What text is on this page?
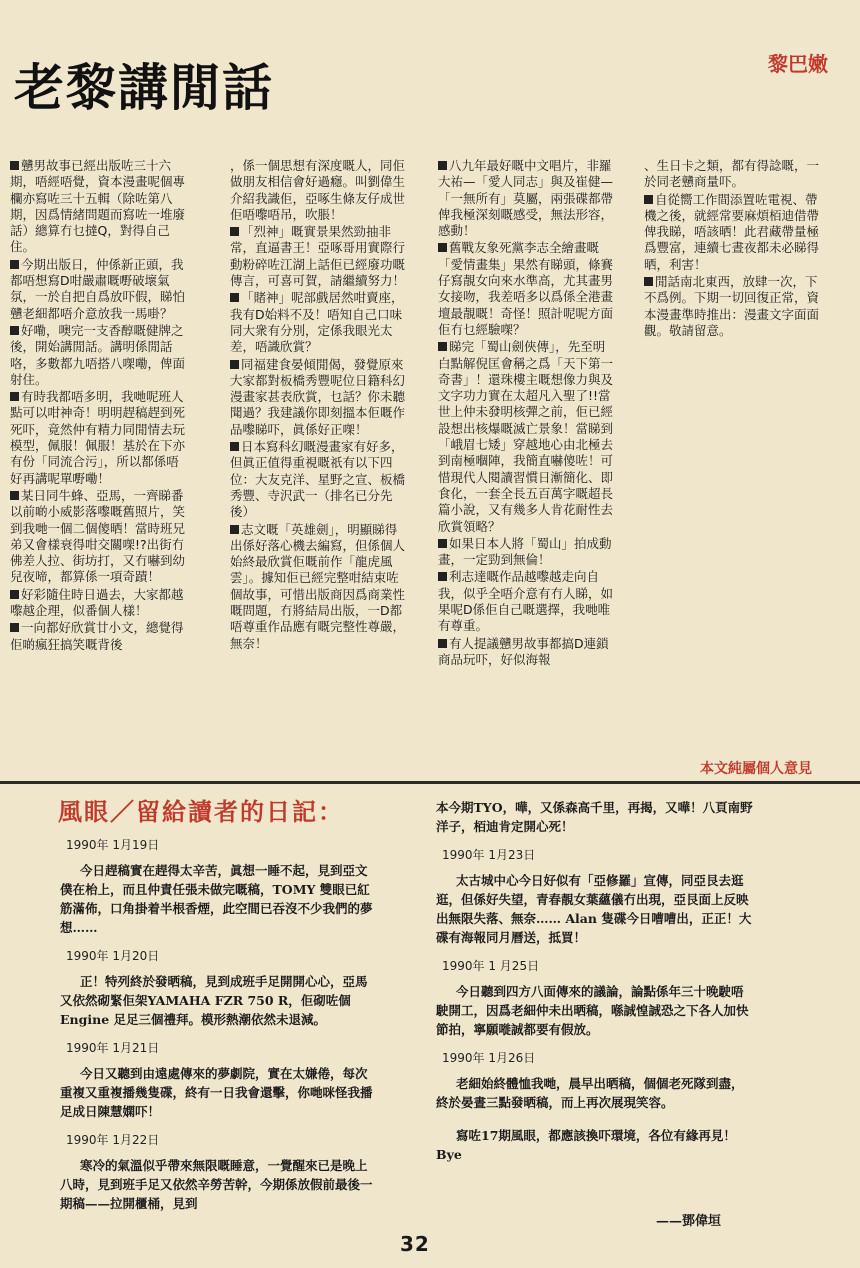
老黎講閒話	黎巴嫩

戇男故事已經出版咗三十六期，唔經唔覺，資本漫畫呢個專欄亦寫咗三十五輯（除咗第八期，因爲情緒問題而寫咗一堆廢話）總算冇乜撻Q，對得自己住。

今期出版日，仲係新正頭，我都唔想寫D咁嚴肅嘅嘢破壞氣氛，一於自把自爲放吓假，睇怕戇老細都唔介意放我一馬啩？

好嘞，噢完一支香醇嘅健牌之後，開始講閒話。講明係閒話咯，多數都九唔搭八㗎嘞，俾面射住。

有時我都唔多明，我哋呢班人點可以咁神奇！明明趕稿趕到死死吓，竟然仲有精力同閒情去玩模型，佩服！佩服！基於在下亦有份「同流合污」，所以都係唔好再講呢單嘢嘞！

某日同牛蜂、亞馬，一齊睇番以前啲小威影落嚟嘅舊照片，笑到我哋一個二個傻晒！當時班兄弟又會樣衰得咁交關㗎!?出街冇佛差人拉、街坊打，又冇嚇到幼兒夜啼，都算係一項奇蹟！

好彩隨住時日過去，大家都越嚟越企理，似番個人樣！

一向都好欣賞廿小文，總覺得佢啲瘋狂搞笑嘅背後

，係一個思想有深度嘅人，同佢做朋友相信會好過癮。叫劉偉生介紹我識佢，亞啄生條友仔成世佢唔嚟唔吊，吹脹！

「烈神」嘅實景果然勁抽非常，直逼書王！亞啄哥用實際行動粉碎咗江湖上話佢已經廢功嘅傳言，可喜可賀，請繼續努力！

「賭神」呢部戲居然咁賣座，我有D始料不及！唔知自己口味同大衆有分別，定係我眼光太差，唔識欣賞？

同福建食晏傾閒偈，發覺原來大家都對板橋秀豐呢位日籍科幻漫畫家甚表欣賞，乜話？你未聽聞過？我建議你即刻搵本佢嘅作品嚟睇吓，眞係好正㗎！

日本寫科幻嘅漫畫家有好多，但眞正值得重視嘅祇有以下四位：大友克洋、星野之宣、板橋秀豐、寺沢武一（排名已分先後）

志文嘅「英雄劍」，明顯睇得出係好落心機去編寫，但係個人始終最欣賞佢嘅前作「龍虎風雲」。據知佢已經完整咁結束咗個故事，可惜出版商因爲商業性嘅問題，冇將結局出版，一D都唔尊重作品應有嘅完整性尊嚴，無奈！

八九年最好嘅中文唱片，非羅大祐—「愛人同志」與及崔健—「一無所有」莫屬，兩張碟都帶俾我極深刻嘅感受，無法形容，感動！

舊戰友象死黨李志全繪畫嘅「愛情畫集」果然有睇頭，條賽仔寫靚女向來水準高，尤其畫男女接吻，我差唔多以爲係全港畫壇最靚嘅！奇怪！照計呢呢方面佢冇乜經驗㗎？

睇完「蜀山劍俠傳」，先至明白點解倪匡會稱之爲「天下第一奇書」！還珠樓主嘅想像力與及文字功力實在太超凡入聖了!!當世上仲未發明核彈之前，佢已經設想出核爆嘅滅亡景象！當睇到「峨眉七矮」穿越地心由北極去到南極嗰陣，我簡直嚇傻咗！可惜現代人閱讀習慣日漸簡化、即食化，一套全長五百萬字嘅超長篇小說，又有幾多人肯花耐性去欣賞領略？

如果日本人將「蜀山」拍成動畫，一定勁到無倫！

利志達嘅作品越嚟越走向自我，似乎全唔介意有冇人睇，如果呢D係佢自己嘅選擇，我哋唯有尊重。

有人提議戇男故事都搞D連鎖商品玩吓，好似海報

、生日卡之類，都有得諗嘅，一於同老戇商量吓。

自從嚮工作間添置咗電視、帶機之後，就經常要麻煩栢迪借帶俾我睇，唔該晒！此君藏帶量極爲豐富，連續七晝夜都未必睇得晒，利害！

閒話南北東西，放肆一次，下不爲例。下期一切回復正常，資本漫畫準時推出：漫畫文字面面觀。敬請留意。

本文純屬個人意見
風眼／留給讀者的日記：
1990年 1月19日

今日趕稿實在趕得太辛苦，眞想一睡不起，見到亞文僕在枱上，而且仲責任張未做完嘅稿，TOMY 雙眼已紅筋滿佈，口角掛着半根香煙，此空間已吞沒不少我們的夢想……

1990年 1月20日

正！特列終於發晒稿，見到成班手足開開心心，亞馬又依然砌緊佢架YAMAHA FZR 750 R，佢砌咗個Engine 足足三個禮拜。模形熱潮依然未退減。

1990年 1月21日

今日又聽到由遠處傳來的夢劇院，實在太嫌倦，每次重複又重複播幾隻碟，終有一日我會還擊，你哋咪怪我播足成日陳慧嫻吓！

1990年 1月22日

寒冷的氣溫似乎帶來無限嘅睡意，一覺醒來已是晚上八時，見到班手足又依然辛勞苦幹，今期係放假前最後一期稿——拉開櫃桶，見到

本今期TYO，嘩，又係森高千里，再揭，又嘩！八頁南野洋子，栢迪肯定開心死！

1990年 1月23日

太古城中心今日好似有「亞修羅」宣傳，同亞艮去逛逛，但係好失望，青春靚女葉蘊儀冇出現，亞艮面上反映出無限失落、無奈…… Alan 隻碟今日嘈嘈出，正正！大碟有海報同月曆送，抵買！

1990年 1 月25日

今日聽到四方八面傳來的議論，論點係年三十晚駛唔駛開工，因爲老細仲未出晒稿，喺誠惶誠恐之下各人加快節拍，寧願嘥誠都要有假放。

1990年 1月26日

老細始終體恤我哋，晨早出晒稿，個個老死隊到盡，終於晏晝三點發晒稿，而上再次展現笑容。

寫咗17期風眼，都應該換吓環境，各位有緣再見！Bye

——鄧偉垣
32
